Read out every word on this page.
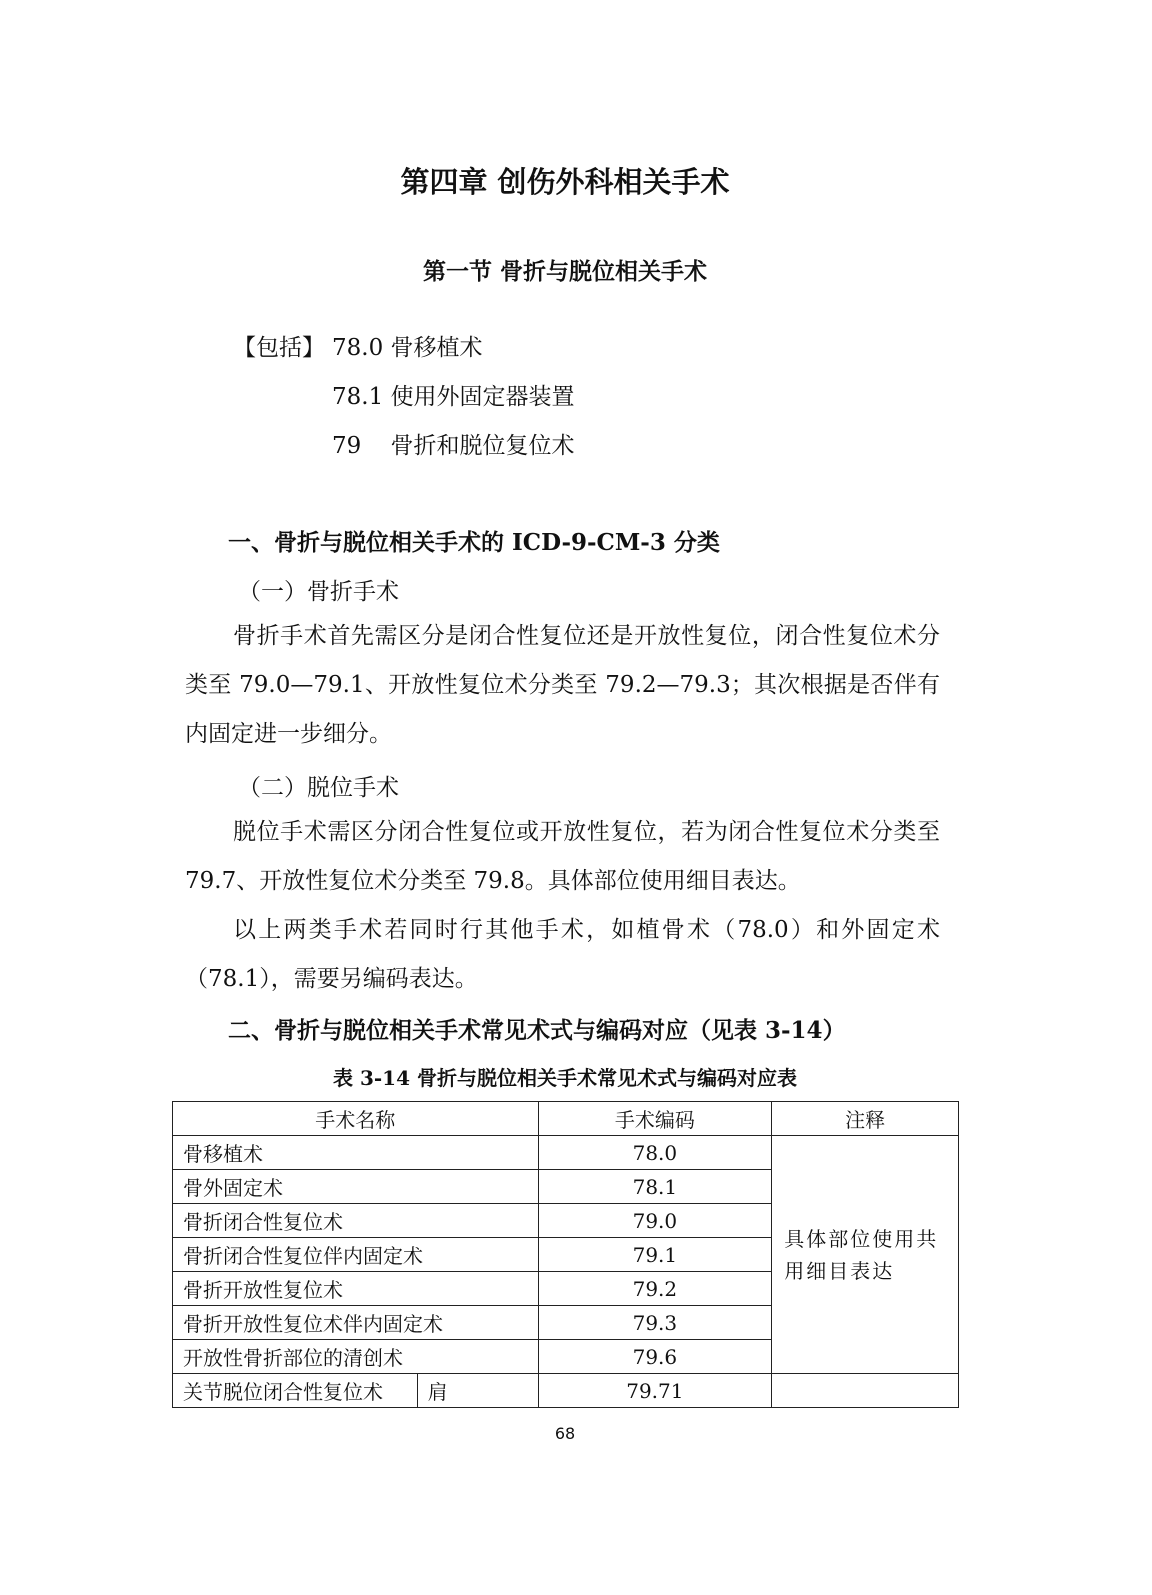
第四章 创伤外科相关手术
第一节 骨折与脱位相关手术
【包括】 78.0 骨移植术
78.1 使用外固定器装置
79    骨折和脱位复位术
一、骨折与脱位相关手术的 ICD-9-CM-3 分类
（一）骨折手术
骨折手术首先需区分是闭合性复位还是开放性复位，闭合性复位术分类至 79.0—79.1、开放性复位术分类至 79.2—79.3；其次根据是否伴有内固定进一步细分。
（二）脱位手术
脱位手术需区分闭合性复位或开放性复位，若为闭合性复位术分类至 79.7、开放性复位术分类至 79.8。具体部位使用细目表达。
以上两类手术若同时行其他手术，如植骨术（78.0）和外固定术（78.1），需要另编码表达。
二、骨折与脱位相关手术常见术式与编码对应（见表 3-14）
表 3-14 骨折与脱位相关手术常见术式与编码对应表
手术名称		手术编码	注释
骨移植术		78.0	具体部位使用共用细目表达
骨外固定术		78.1	
骨折闭合性复位术		79.0	
骨折闭合性复位伴内固定术		79.1	
骨折开放性复位术		79.2	
骨折开放性复位术伴内固定术		79.3	
开放性骨折部位的清创术		79.6	
关节脱位闭合性复位术	肩	79.71	
68
